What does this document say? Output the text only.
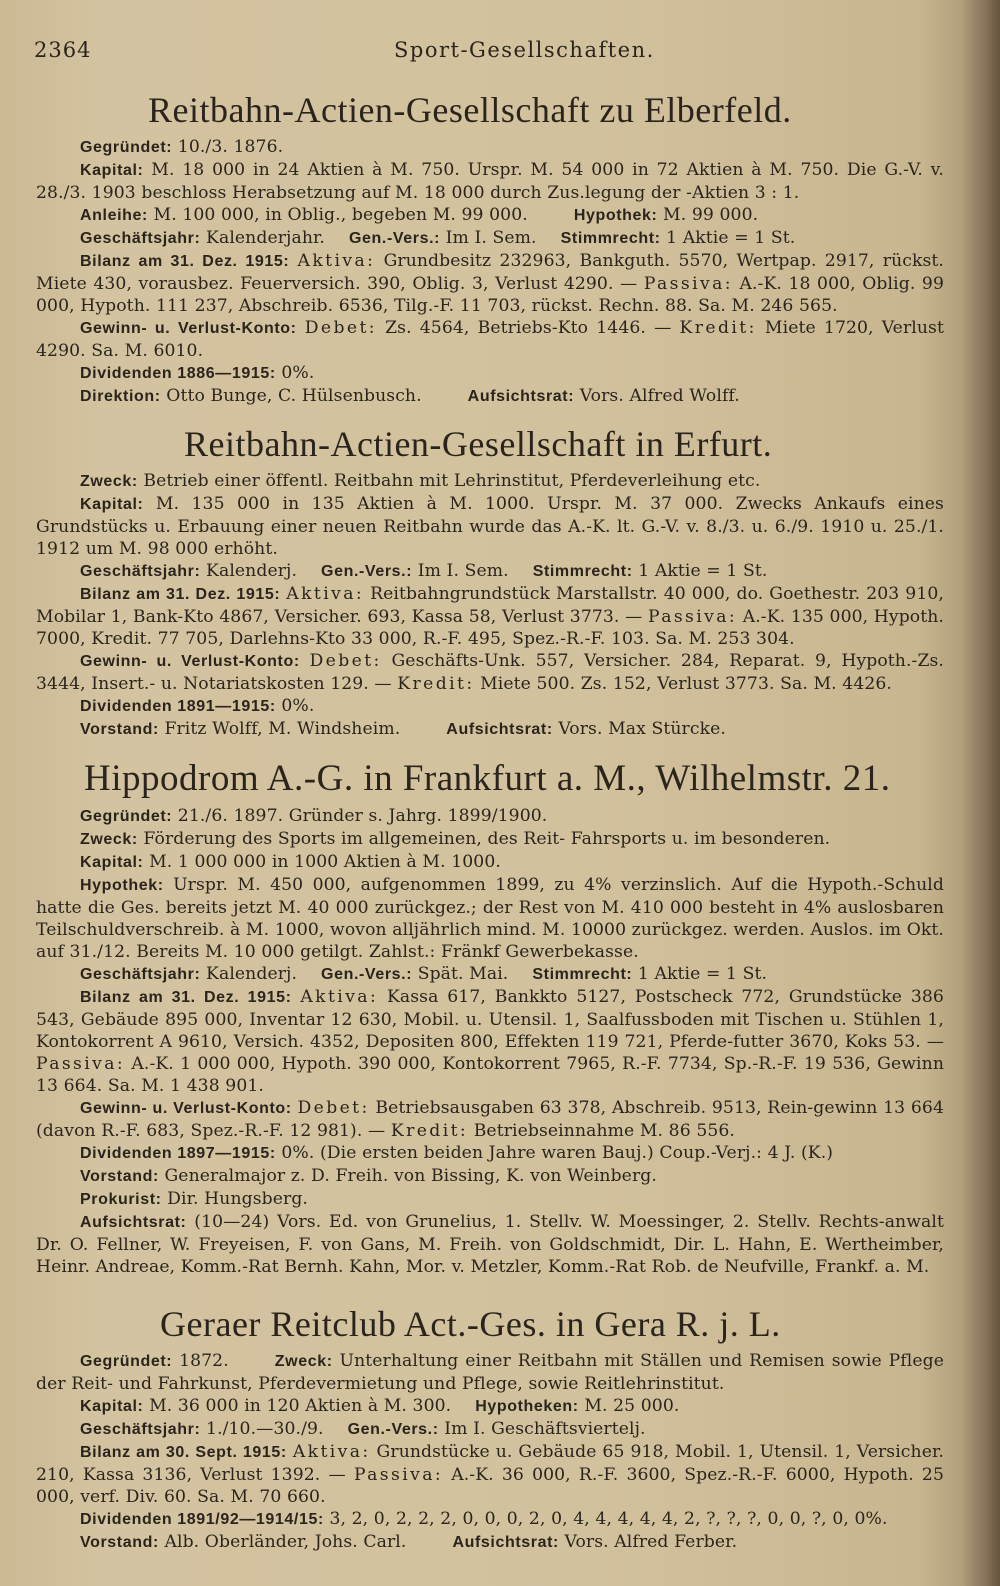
2364	Sport-Gesellschaften.
Reitbahn-Actien-Gesellschaft zu Elberfeld.

Gegründet: 10./3. 1876.

Kapital: M. 18 000 in 24 Aktien à M. 750. Urspr. M. 54 000 in 72 Aktien à M. 750. Die G.-V. v. 28./3. 1903 beschloss Herabsetzung auf M. 18 000 durch Zus.legung der -Aktien 3 : 1.

Anleihe: M. 100 000, in Oblig., begeben M. 99 000.	Hypothek: M. 99 000.

Geschäftsjahr: Kalenderjahr. Gen.-Vers.: Im I. Sem. Stimmrecht: 1 Aktie = 1 St.

Bilanz am 31. Dez. 1915: Aktiva: Grundbesitz 232963, Bankguth. 5570, Wertpap. 2917, rückst. Miete 430, vorausbez. Feuerversich. 390, Oblig. 3, Verlust 4290. — Passiva: A.-K. 18 000, Oblig. 99 000, Hypoth. 111 237, Abschreib. 6536, Tilg.-F. 11 703, rückst. Rechn. 88. Sa. M. 246 565.

Gewinn- u. Verlust-Konto: Debet: Zs. 4564, Betriebs-Kto 1446. — Kredit: Miete 1720, Verlust 4290. Sa. M. 6010.

Dividenden 1886—1915: 0%.

Direktion: Otto Bunge, C. Hülsenbusch.	Aufsichtsrat: Vors. Alfred Wolff.

Reitbahn-Actien-Gesellschaft in Erfurt.

Zweck: Betrieb einer öffentl. Reitbahn mit Lehrinstitut, Pferdeverleihung etc.

Kapital: M. 135 000 in 135 Aktien à M. 1000. Urspr. M. 37 000. Zwecks Ankaufs eines Grundstücks u. Erbauung einer neuen Reitbahn wurde das A.-K. lt. G.-V. v. 8./3. u. 6./9. 1910 u. 25./1. 1912 um M. 98 000 erhöht.

Geschäftsjahr: Kalenderj. Gen.-Vers.: Im I. Sem. Stimmrecht: 1 Aktie = 1 St.

Bilanz am 31. Dez. 1915: Aktiva: Reitbahngrundstück Marstallstr. 40 000, do. Goethestr. 203 910, Mobilar 1, Bank-Kto 4867, Versicher. 693, Kassa 58, Verlust 3773. — Passiva: A.-K. 135 000, Hypoth. 7000, Kredit. 77 705, Darlehns-Kto 33 000, R.-F. 495, Spez.-R.-F. 103. Sa. M. 253 304.

Gewinn- u. Verlust-Konto: Debet: Geschäfts-Unk. 557, Versicher. 284, Reparat. 9, Hypoth.-Zs. 3444, Insert.- u. Notariatskosten 129. — Kredit: Miete 500. Zs. 152, Verlust 3773. Sa. M. 4426.

Dividenden 1891—1915: 0%.

Vorstand: Fritz Wolff, M. Windsheim.	Aufsichtsrat: Vors. Max Stürcke.

Hippodrom A.-G. in Frankfurt a. M., Wilhelmstr. 21.

Gegründet: 21./6. 1897. Gründer s. Jahrg. 1899/1900.

Zweck: Förderung des Sports im allgemeinen, des Reit- Fahrsports u. im besonderen.

Kapital: M. 1 000 000 in 1000 Aktien à M. 1000.

Hypothek: Urspr. M. 450 000, aufgenommen 1899, zu 4% verzinslich. Auf die Hypoth.-Schuld hatte die Ges. bereits jetzt M. 40 000 zurückgez.; der Rest von M. 410 000 besteht in 4% auslosbaren Teilschuldverschreib. à M. 1000, wovon alljährlich mind. M. 10000 zurückgez. werden. Auslos. im Okt. auf 31./12. Bereits M. 10 000 getilgt. Zahlst.: Fränkf Gewerbekasse.

Geschäftsjahr: Kalenderj. Gen.-Vers.: Spät. Mai. Stimmrecht: 1 Aktie = 1 St.

Bilanz am 31. Dez. 1915: Aktiva: Kassa 617, Bankkto 5127, Postscheck 772, Grundstücke 386 543, Gebäude 895 000, Inventar 12 630, Mobil. u. Utensil. 1, Saalfussboden mit Tischen u. Stühlen 1, Kontokorrent A 9610, Versich. 4352, Depositen 800, Effekten 119 721, Pferde-futter 3670, Koks 53. — Passiva: A.-K. 1 000 000, Hypoth. 390 000, Kontokorrent 7965, R.-F. 7734, Sp.-R.-F. 19 536, Gewinn 13 664. Sa. M. 1 438 901.

Gewinn- u. Verlust-Konto: Debet: Betriebsausgaben 63 378, Abschreib. 9513, Rein-gewinn 13 664 (davon R.-F. 683, Spez.-R.-F. 12 981). — Kredit: Betriebseinnahme M. 86 556.

Dividenden 1897—1915: 0%. (Die ersten beiden Jahre waren Bauj.) Coup.-Verj.: 4 J. (K.)

Vorstand: Generalmajor z. D. Freih. von Bissing, K. von Weinberg.

Prokurist: Dir. Hungsberg.

Aufsichtsrat: (10—24) Vors. Ed. von Grunelius, 1. Stellv. W. Moessinger, 2. Stellv. Rechts-anwalt Dr. O. Fellner, W. Freyeisen, F. von Gans, M. Freih. von Goldschmidt, Dir. L. Hahn, E. Wertheimber, Heinr. Andreae, Komm.-Rat Bernh. Kahn, Mor. v. Metzler, Komm.-Rat Rob. de Neufville, Frankf. a. M.

Geraer Reitclub Act.-Ges. in Gera R. j. L.

Gegründet: 1872.	Zweck: Unterhaltung einer Reitbahn mit Ställen und Remisen sowie Pflege der Reit- und Fahrkunst, Pferdevermietung und Pflege, sowie Reitlehrinstitut.

Kapital: M. 36 000 in 120 Aktien à M. 300. Hypotheken: M. 25 000.

Geschäftsjahr: 1./10.—30./9. Gen.-Vers.: Im I. Geschäftsviertelj.

Bilanz am 30. Sept. 1915: Aktiva: Grundstücke u. Gebäude 65 918, Mobil. 1, Utensil. 1, Versicher. 210, Kassa 3136, Verlust 1392. — Passiva: A.-K. 36 000, R.-F. 3600, Spez.-R.-F. 6000, Hypoth. 25 000, verf. Div. 60. Sa. M. 70 660.

Dividenden 1891/92—1914/15: 3, 2, 0, 2, 2, 2, 0, 0, 0, 2, 0, 4, 4, 4, 4, 4, 2, ?, ?, ?, 0, 0, ?, 0, 0%.

Vorstand: Alb. Oberländer, Johs. Carl.	Aufsichtsrat: Vors. Alfred Ferber.
